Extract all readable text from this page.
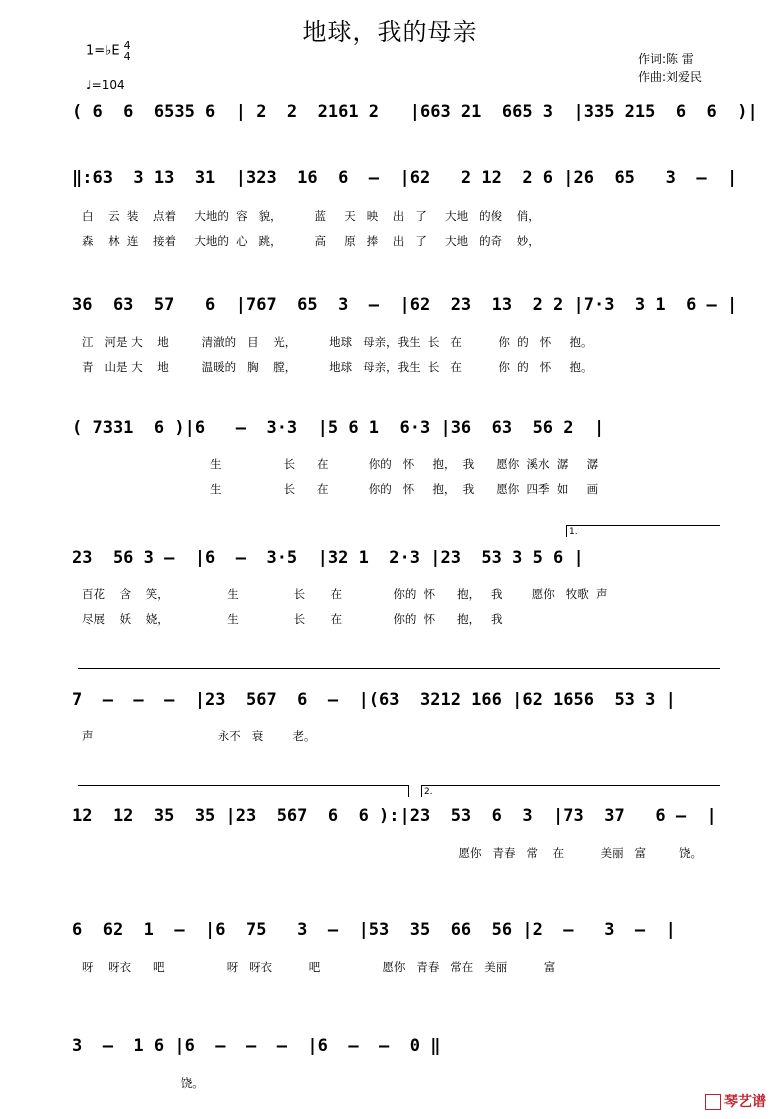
地球，我的母亲
1=♭E 4
4
♩=104
作词:陈 雷
作曲:刘爱民
( 6  6  6535 6  | 2  2  2161 2   |663 21  665 3  |335 215  6  6  )|
‖:63  3 13  31  |323  16  6  –  |62   2 12  2 6 |26  65   3  –  |
白    云  装    点着     大地的  容   貌，         蓝     天   映    出   了     大地   的俊    俏，
森    林  连    接着     大地的  心   跳，         高     原   捧    出   了     大地   的奇    妙，
36  63  57   6  |767  65  3  –  |62  23  13  2 2 |7·3  3 1  6 – |
江   河是 大    地         清澈的   目    光，         地球   母亲，我生  长   在          你  的   怀     抱。
青   山是 大    地         温暖的   胸    膛，         地球   母亲，我生  长   在          你  的   怀     抱。
( 7331  6 )|6   –  3·3  |5 6 1  6·3 |36  63  56 2  |
生                 长      在           你的   怀     抱，  我      愿你  溪水  潺     潺
生                 长      在           你的   怀     抱，  我      愿你  四季  如     画
1.
23  56 3 –  |6  –  3·5  |32 1  2·3 |23  53 3 5 6 |
百花    含    笑，                生               长       在              你的  怀      抱，   我        愿你   牧歌  声
尽展    妖    娆，                生               长       在              你的  怀      抱，   我
7  –  –  –  |23  567  6  –  |(63  3212 166 |62 1656  53 3 |
声                                  永不   衰        老。
2.
12  12  35  35 |23  567  6  6 ):|23  53  6  3  |73  37   6 –  |
愿你   青春   常    在          美丽   富         饶。
6  62  1  –  |6  75   3  –  |53  35  66  56 |2  –   3  –  |
呀    呀衣      吧                 呀   呀衣          吧                 愿你   青春   常在   美丽          富
3  –  1 6 |6  –  –  –  |6  –  –  0 ‖
饶。
琴艺谱
